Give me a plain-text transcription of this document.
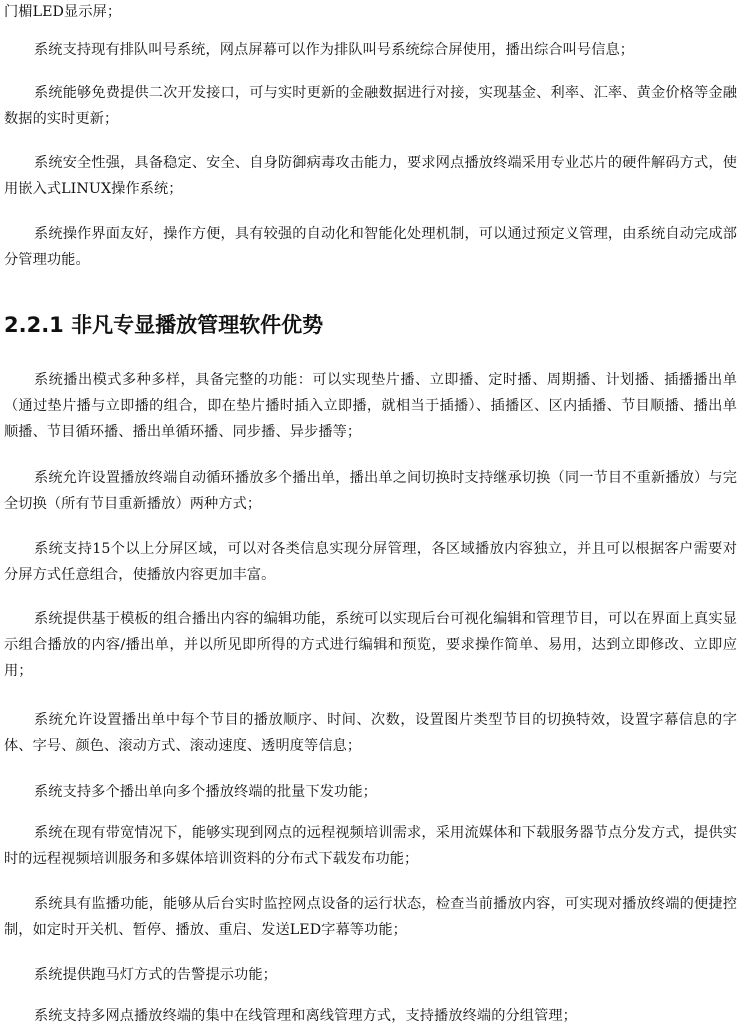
门楣LED显示屏；

系统支持现有排队叫号系统，网点屏幕可以作为排队叫号系统综合屏使用，播出综合叫号信息；

系统能够免费提供二次开发接口，可与实时更新的金融数据进行对接，实现基金、利率、汇率、黄金价格等金融数据的实时更新；

系统安全性强，具备稳定、安全、自身防御病毒攻击能力，要求网点播放终端采用专业芯片的硬件解码方式，使用嵌入式LINUX操作系统；

系统操作界面友好，操作方便，具有较强的自动化和智能化处理机制，可以通过预定义管理，由系统自动完成部分管理功能。

2.2.1 非凡专显播放管理软件优势

系统播出模式多种多样，具备完整的功能：可以实现垫片播、立即播、定时播、周期播、计划播、插播播出单（通过垫片播与立即播的组合，即在垫片播时插入立即播，就相当于插播）、插播区、区内插播、节目顺播、播出单顺播、节目循环播、播出单循环播、同步播、异步播等；

系统允许设置播放终端自动循环播放多个播出单，播出单之间切换时支持继承切换（同一节目不重新播放）与完全切换（所有节目重新播放）两种方式；

系统支持15个以上分屏区域，可以对各类信息实现分屏管理，各区域播放内容独立，并且可以根据客户需要对分屏方式任意组合，使播放内容更加丰富。

系统提供基于模板的组合播出内容的编辑功能，系统可以实现后台可视化编辑和管理节目，可以在界面上真实显示组合播放的内容/播出单，并以所见即所得的方式进行编辑和预览，要求操作简单、易用，达到立即修改、立即应用；

系统允许设置播出单中每个节目的播放顺序、时间、次数，设置图片类型节目的切换特效，设置字幕信息的字体、字号、颜色、滚动方式、滚动速度、透明度等信息；

系统支持多个播出单向多个播放终端的批量下发功能；

系统在现有带宽情况下，能够实现到网点的远程视频培训需求，采用流媒体和下载服务器节点分发方式，提供实时的远程视频培训服务和多媒体培训资料的分布式下载发布功能；

系统具有监播功能，能够从后台实时监控网点设备的运行状态，检查当前播放内容，可实现对播放终端的便捷控制，如定时开关机、暂停、播放、重启、发送LED字幕等功能；

系统提供跑马灯方式的告警提示功能；

系统支持多网点播放终端的集中在线管理和离线管理方式，支持播放终端的分组管理；
